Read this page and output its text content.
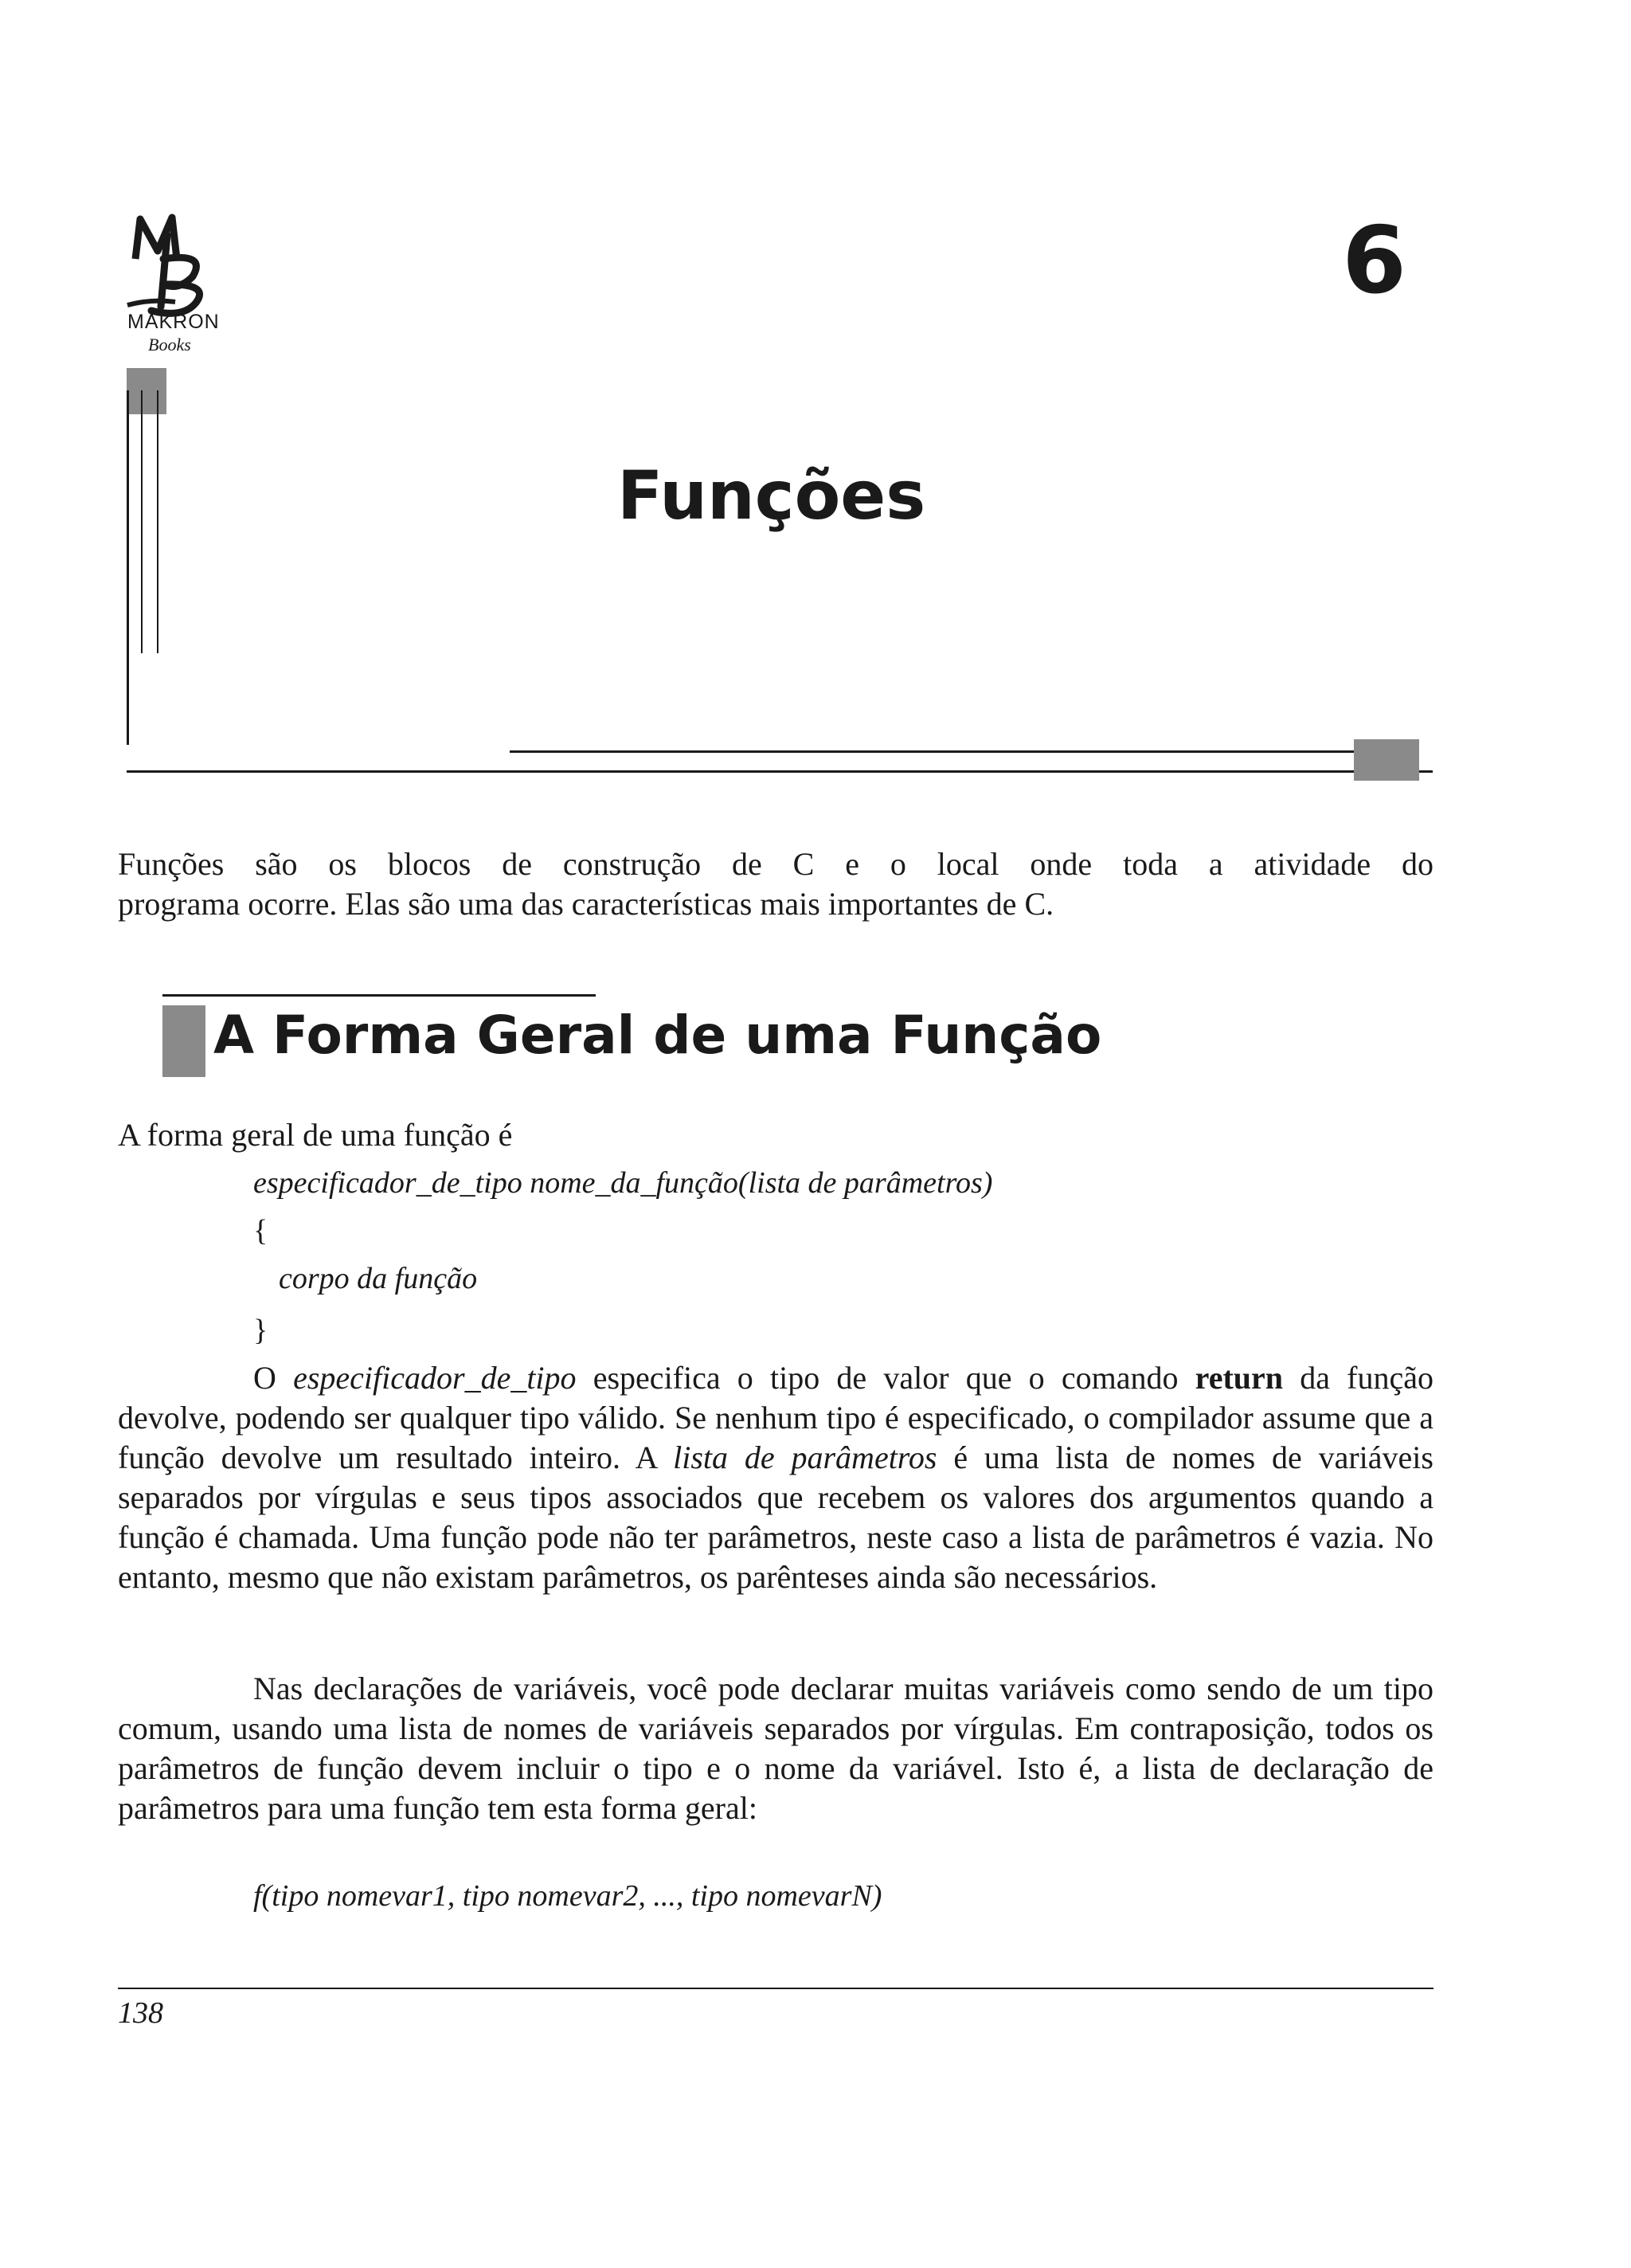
MAKRON
Books
6
Funções

Funções são os blocos de construção de C e o local onde toda a atividade do
programa ocorre. Elas são uma das características mais importantes de C.

A Forma Geral de uma Função

A forma geral de uma função é

especificador_de_tipo nome_da_função(lista de parâmetros)
{
corpo da função
}

O especificador_de_tipo especifica o tipo de valor que o comando return da função devolve, podendo ser qualquer tipo válido. Se nenhum tipo é especificado, o compilador assume que a função devolve um resultado inteiro. A lista de parâmetros é uma lista de nomes de variáveis separados por vírgulas e seus tipos associados que recebem os valores dos argumentos quando a função é chamada. Uma função pode não ter parâmetros, neste caso a lista de parâmetros é vazia. No entanto, mesmo que não existam parâmetros, os parênteses ainda são necessários.

Nas declarações de variáveis, você pode declarar muitas variáveis como sendo de um tipo comum, usando uma lista de nomes de variáveis separados por vírgulas. Em contraposição, todos os parâmetros de função devem incluir o tipo e o nome da variável. Isto é, a lista de declaração de parâmetros para uma função tem esta forma geral:

f(tipo nomevar1, tipo nomevar2, ..., tipo nomevarN)
138
